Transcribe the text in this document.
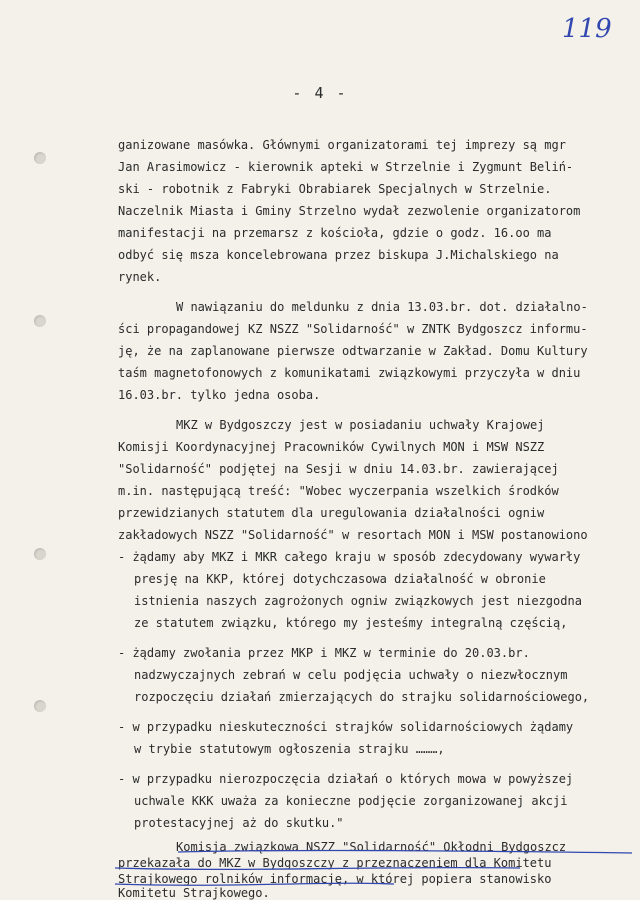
119
- 4 -
ganizowane masówka. Głównymi organizatorami tej imprezy są mgr
Jan Arasimowicz - kierownik apteki w Strzelnie i Zygmunt Beliń-
ski - robotnik z Fabryki Obrabiarek Specjalnych w Strzelnie.
Naczelnik Miasta i Gminy Strzelno wydał zezwolenie organizatorom
manifestacji na przemarsz z kościoła, gdzie o godz. 16.oo ma
odbyć się msza koncelebrowana przez biskupa J.Michalskiego na
rynek.
W nawiązaniu do meldunku z dnia 13.03.br. dot. działalno-
ści propagandowej KZ NSZZ "Solidarność" w ZNTK Bydgoszcz informu-
ję, że na zaplanowane pierwsze odtwarzanie w Zakład. Domu Kultury
taśm magnetofonowych z komunikatami związkowymi przyczyła w dniu
16.03.br. tylko jedna osoba.
MKZ w Bydgoszczy jest w posiadaniu uchwały Krajowej
Komisji Koordynacyjnej Pracowników Cywilnych MON i MSW NSZZ
"Solidarność" podjętej na Sesji w dniu 14.03.br. zawierającej
m.in. następującą treść: "Wobec wyczerpania wszelkich środków
przewidzianych statutem dla uregulowania działalności ogniw
zakładowych NSZZ "Solidarność" w resortach MON i MSW postanowiono
- żądamy aby MKZ i MKR całego kraju w sposób zdecydowany wywarły
presję na KKP, której dotychczasowa działalność w obronie
istnienia naszych zagrożonych ogniw związkowych jest niezgodna
ze statutem związku, którego my jesteśmy integralną częścią,
- żądamy zwołania przez MKP i MKZ w terminie do 20.03.br.
nadzwyczajnych zebrań w celu podjęcia uchwały o niezwłocznym
rozpoczęciu działań zmierzających do strajku solidarnościowego,
- w przypadku nieskuteczności strajków solidarnościowych żądamy
w trybie statutowym ogłoszenia strajku ………,
- w przypadku nierozpoczęcia działań o których mowa w powyższej
uchwale KKK uważa za konieczne podjęcie zorganizowanej akcji
protestacyjnej aż do skutku."
Komisja związkowa NSZZ "Solidarność" Okłodni Bydgoszcz
przekazała do MKZ w Bydgoszczy z przeznaczeniem dla Komitetu
Strajkowego rolników informację, w której popiera stanowisko
Komitetu Strajkowego.
